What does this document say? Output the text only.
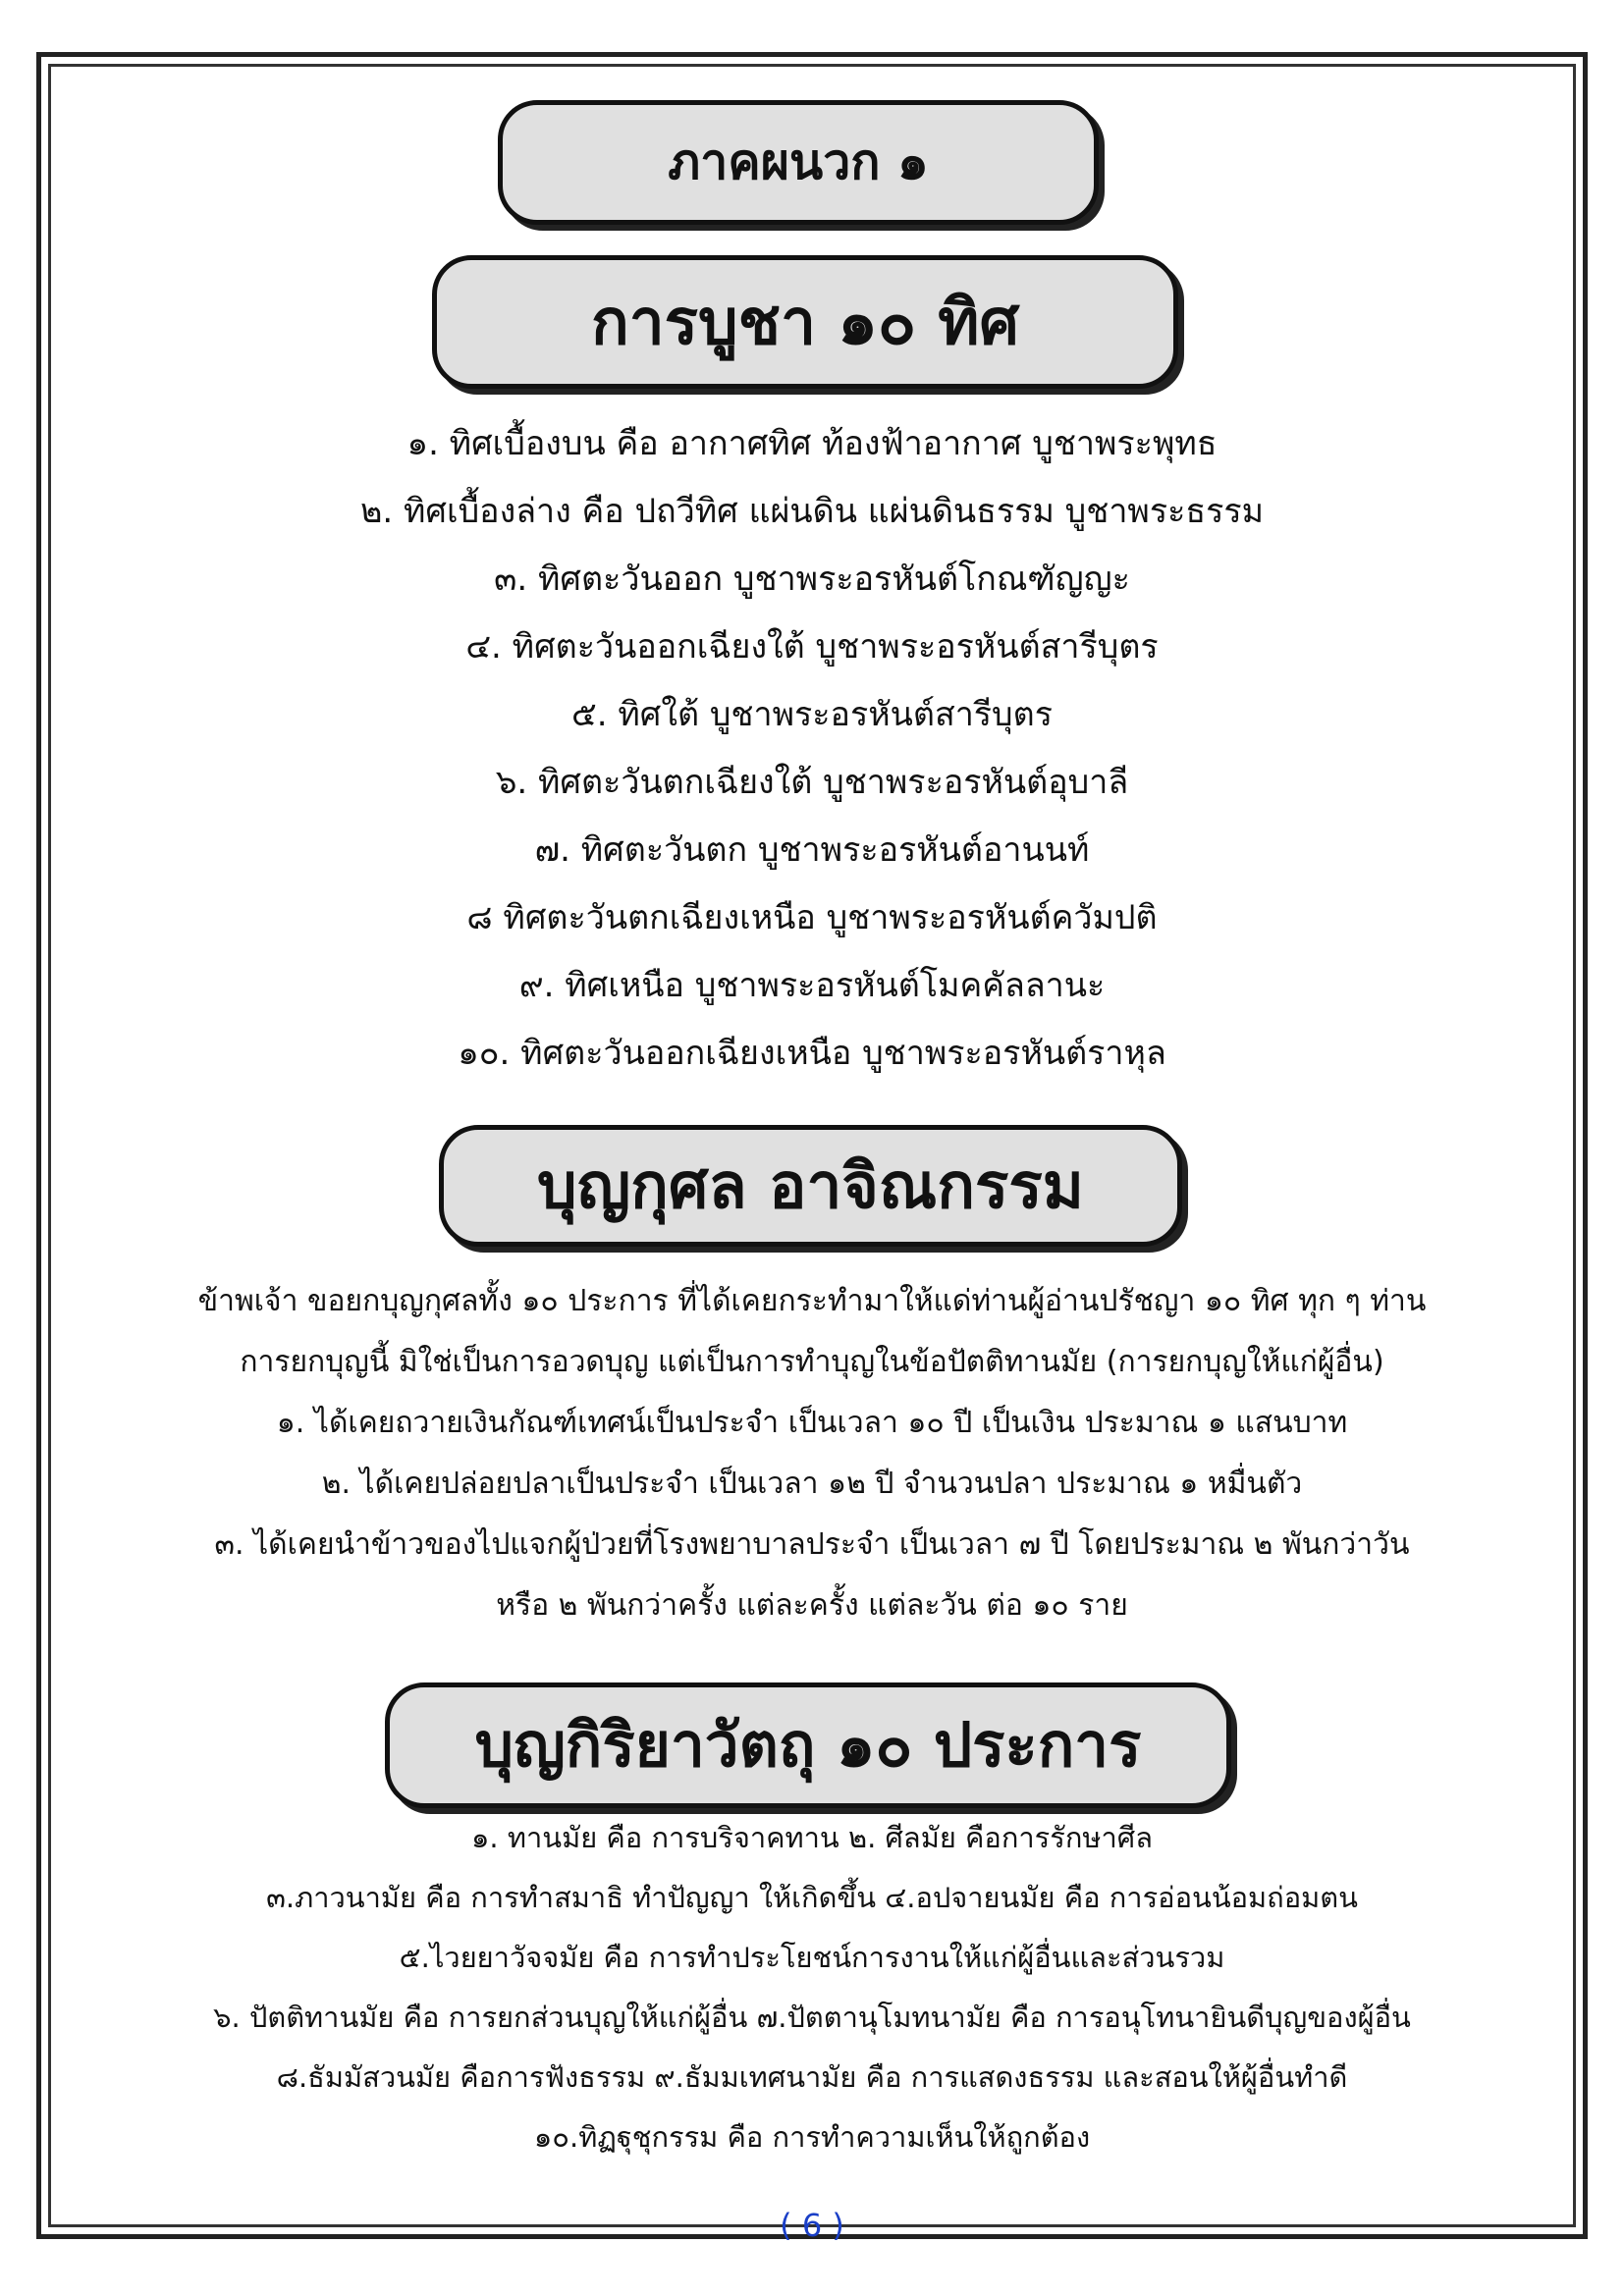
ภาคผนวก ๑
การบูชา ๑๐ ทิศ
๑. ทิศเบื้องบน คือ อากาศทิศ ท้องฟ้าอากาศ บูชาพระพุทธ
๒. ทิศเบื้องล่าง คือ ปถวีทิศ แผ่นดิน แผ่นดินธรรม บูชาพระธรรม
๓. ทิศตะวันออก บูชาพระอรหันต์โกณฑัญญะ
๔. ทิศตะวันออกเฉียงใต้ บูชาพระอรหันต์สารีบุตร
๕. ทิศใต้ บูชาพระอรหันต์สารีบุตร
๖. ทิศตะวันตกเฉียงใต้ บูชาพระอรหันต์อุบาลี
๗. ทิศตะวันตก บูชาพระอรหันต์อานนท์
๘ ทิศตะวันตกเฉียงเหนือ บูชาพระอรหันต์ควัมปติ
๙. ทิศเหนือ บูชาพระอรหันต์โมคคัลลานะ
๑๐. ทิศตะวันออกเฉียงเหนือ บูชาพระอรหันต์ราหุล
บุญกุศล อาจิณกรรม
ข้าพเจ้า ขอยกบุญกุศลทั้ง ๑๐ ประการ ที่ได้เคยกระทำมาให้แด่ท่านผู้อ่านปรัชญา ๑๐ ทิศ ทุก ๆ ท่าน
การยกบุญนี้ มิใช่เป็นการอวดบุญ แต่เป็นการทำบุญในข้อปัตติทานมัย (การยกบุญให้แก่ผู้อื่น)
๑. ได้เคยถวายเงินกัณฑ์เทศน์เป็นประจำ เป็นเวลา ๑๐ ปี เป็นเงิน ประมาณ ๑ แสนบาท
๒. ได้เคยปล่อยปลาเป็นประจำ เป็นเวลา ๑๒ ปี จำนวนปลา ประมาณ ๑ หมื่นตัว
๓. ได้เคยนำข้าวของไปแจกผู้ป่วยที่โรงพยาบาลประจำ เป็นเวลา ๗ ปี โดยประมาณ ๒ พันกว่าวัน
หรือ ๒ พันกว่าครั้ง แต่ละครั้ง แต่ละวัน ต่อ ๑๐ ราย
บุญกิริยาวัตถุ ๑๐ ประการ
๑. ทานมัย คือ การบริจาคทาน ๒. ศีลมัย คือการรักษาศีล
๓.ภาวนามัย คือ การทำสมาธิ ทำปัญญา ให้เกิดขึ้น ๔.อปจายนมัย คือ การอ่อนน้อมถ่อมตน
๕.ไวยยาวัจจมัย คือ การทำประโยชน์การงานให้แก่ผู้อื่นและส่วนรวม
๖. ปัตติทานมัย คือ การยกส่วนบุญให้แก่ผู้อื่น ๗.ปัตตานุโมทนามัย คือ การอนุโทนายินดีบุญของผู้อื่น
๘.ธัมมัสวนมัย คือการฟังธรรม ๙.ธัมมเทศนามัย คือ การแสดงธรรม และสอนให้ผู้อื่นทำดี
๑๐.ทิฏฐุชุกรรม คือ การทำความเห็นให้ถูกต้อง
( 6 )
